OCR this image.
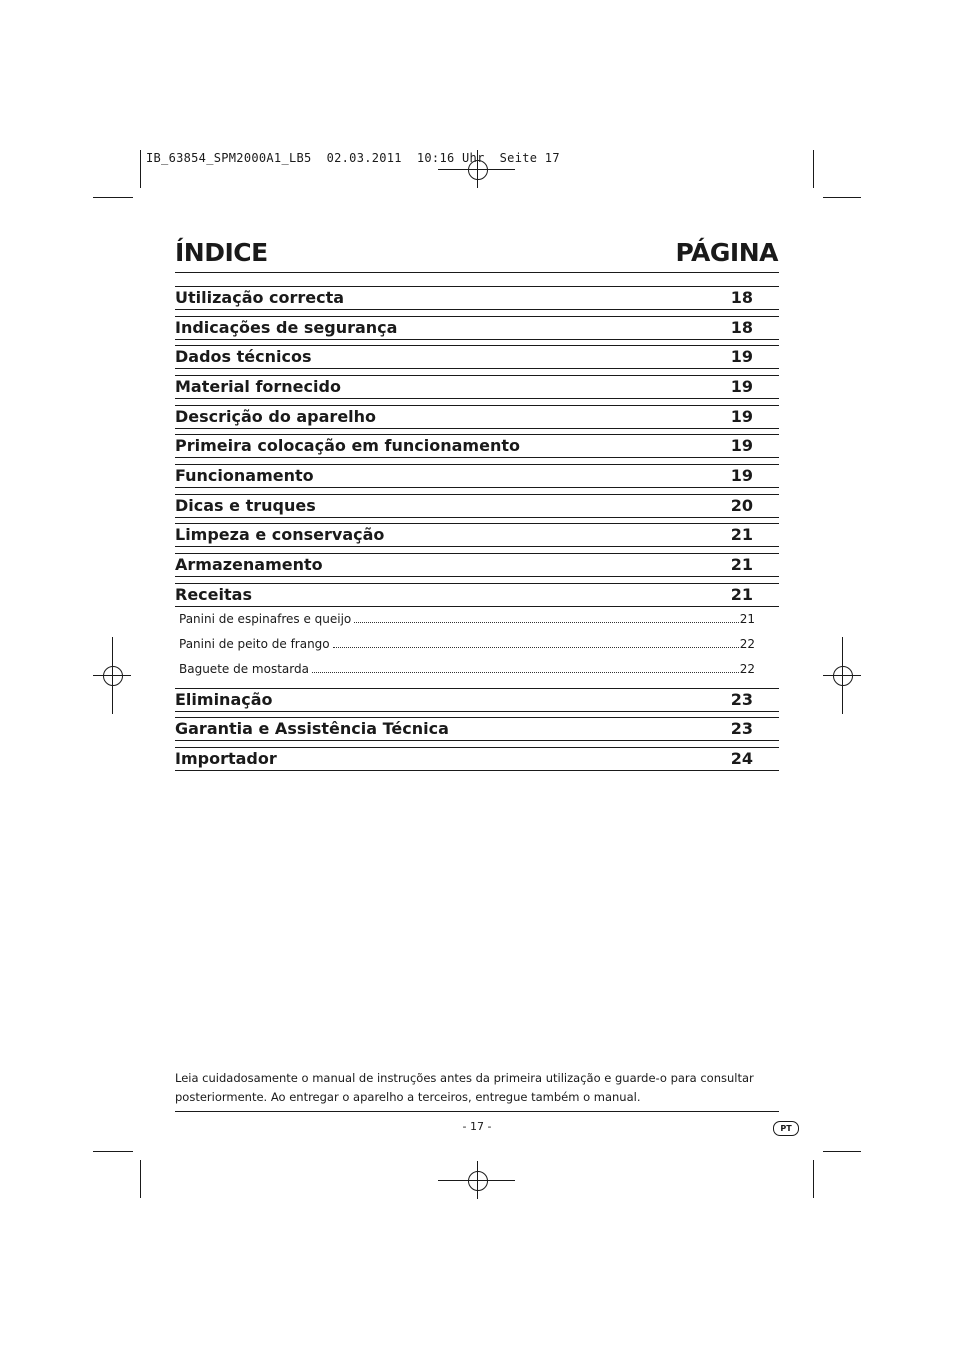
IB_63854_SPM2000A1_LB5  02.03.2011  10:16 Uhr  Seite 17
ÍNDICE	PÁGINA
Leia cuidadosamente o manual de instruções antes da primeira utilização e guarde-o para consultar
posteriormente. Ao entregar o aparelho a terceiros, entregue também o manual.
- 17 -	PT
Utilização correcta	18
Indicações de segurança	18
Dados técnicos	19
Material fornecido	19
Descrição do aparelho	19
Primeira colocação em funcionamento	19
Funcionamento	19
Dicas e truques	20
Limpeza e conservação	21
Armazenamento	21
Receitas	21
Panini de espinafres e queijo	21
Panini de peito de frango	22
Baguete de mostarda	22
Eliminação	23
Garantia e Assistência Técnica	23
Importador	24
